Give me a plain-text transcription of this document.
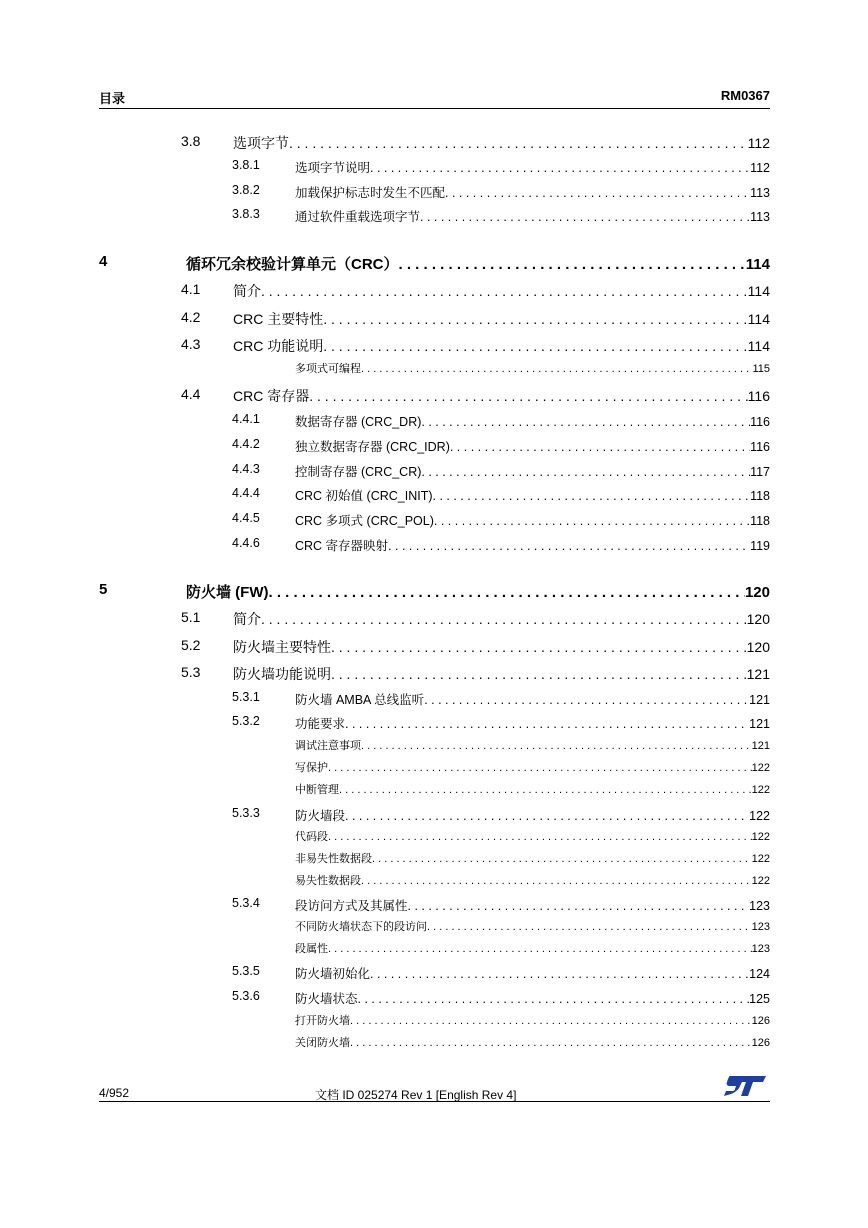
目录	RM0367
3.8 选项字节 . . .	112
3.8.1	选项字节说明 . . .	112
3.8.2	加载保护标志时发生不匹配 . . .	113
3.8.3	通过软件重载选项字节 . . .	113
4	循环冗余校验计算单元（CRC） . . .	114
4.1 简介 . . .	114
4.2 CRC 主要特性 . . .	114
4.3 CRC 功能说明 . . .	114
多项式可编程 . . .	115
4.4 CRC 寄存器 . . .	116
4.4.1	数据寄存器 (CRC_DR) . . .	116
4.4.2	独立数据寄存器 (CRC_IDR) . . .	116
4.4.3	控制寄存器 (CRC_CR) . . .	117
4.4.4	CRC 初始值 (CRC_INIT) . . .	118
4.4.5	CRC 多项式 (CRC_POL) . . .	118
4.4.6	CRC 寄存器映射 . . .	119
5	防火墙 (FW) . . .	120
5.1 简介 . . .	120
5.2 防火墙主要特性 . . .	120
5.3 防火墙功能说明 . . .	121
5.3.1	防火墙 AMBA 总线监听 . . .	121
5.3.2	功能要求 . . .	121
调试注意事项 . . .	121
写保护 . . .	122
中断管理 . . .	122
5.3.3	防火墙段 . . .	122
代码段 . . .	122
非易失性数据段 . . .	122
易失性数据段 . . .	122
5.3.4	段访问方式及其属性 . . .	123
不同防火墙状态下的段访问 . . .	123
段属性 . . .	123
5.3.5	防火墙初始化 . . .	124
5.3.6	防火墙状态 . . .	125
打开防火墙 . . .	126
关闭防火墙 . . .	126
4/952	文档 ID 025274 Rev 1 [English Rev 4]
